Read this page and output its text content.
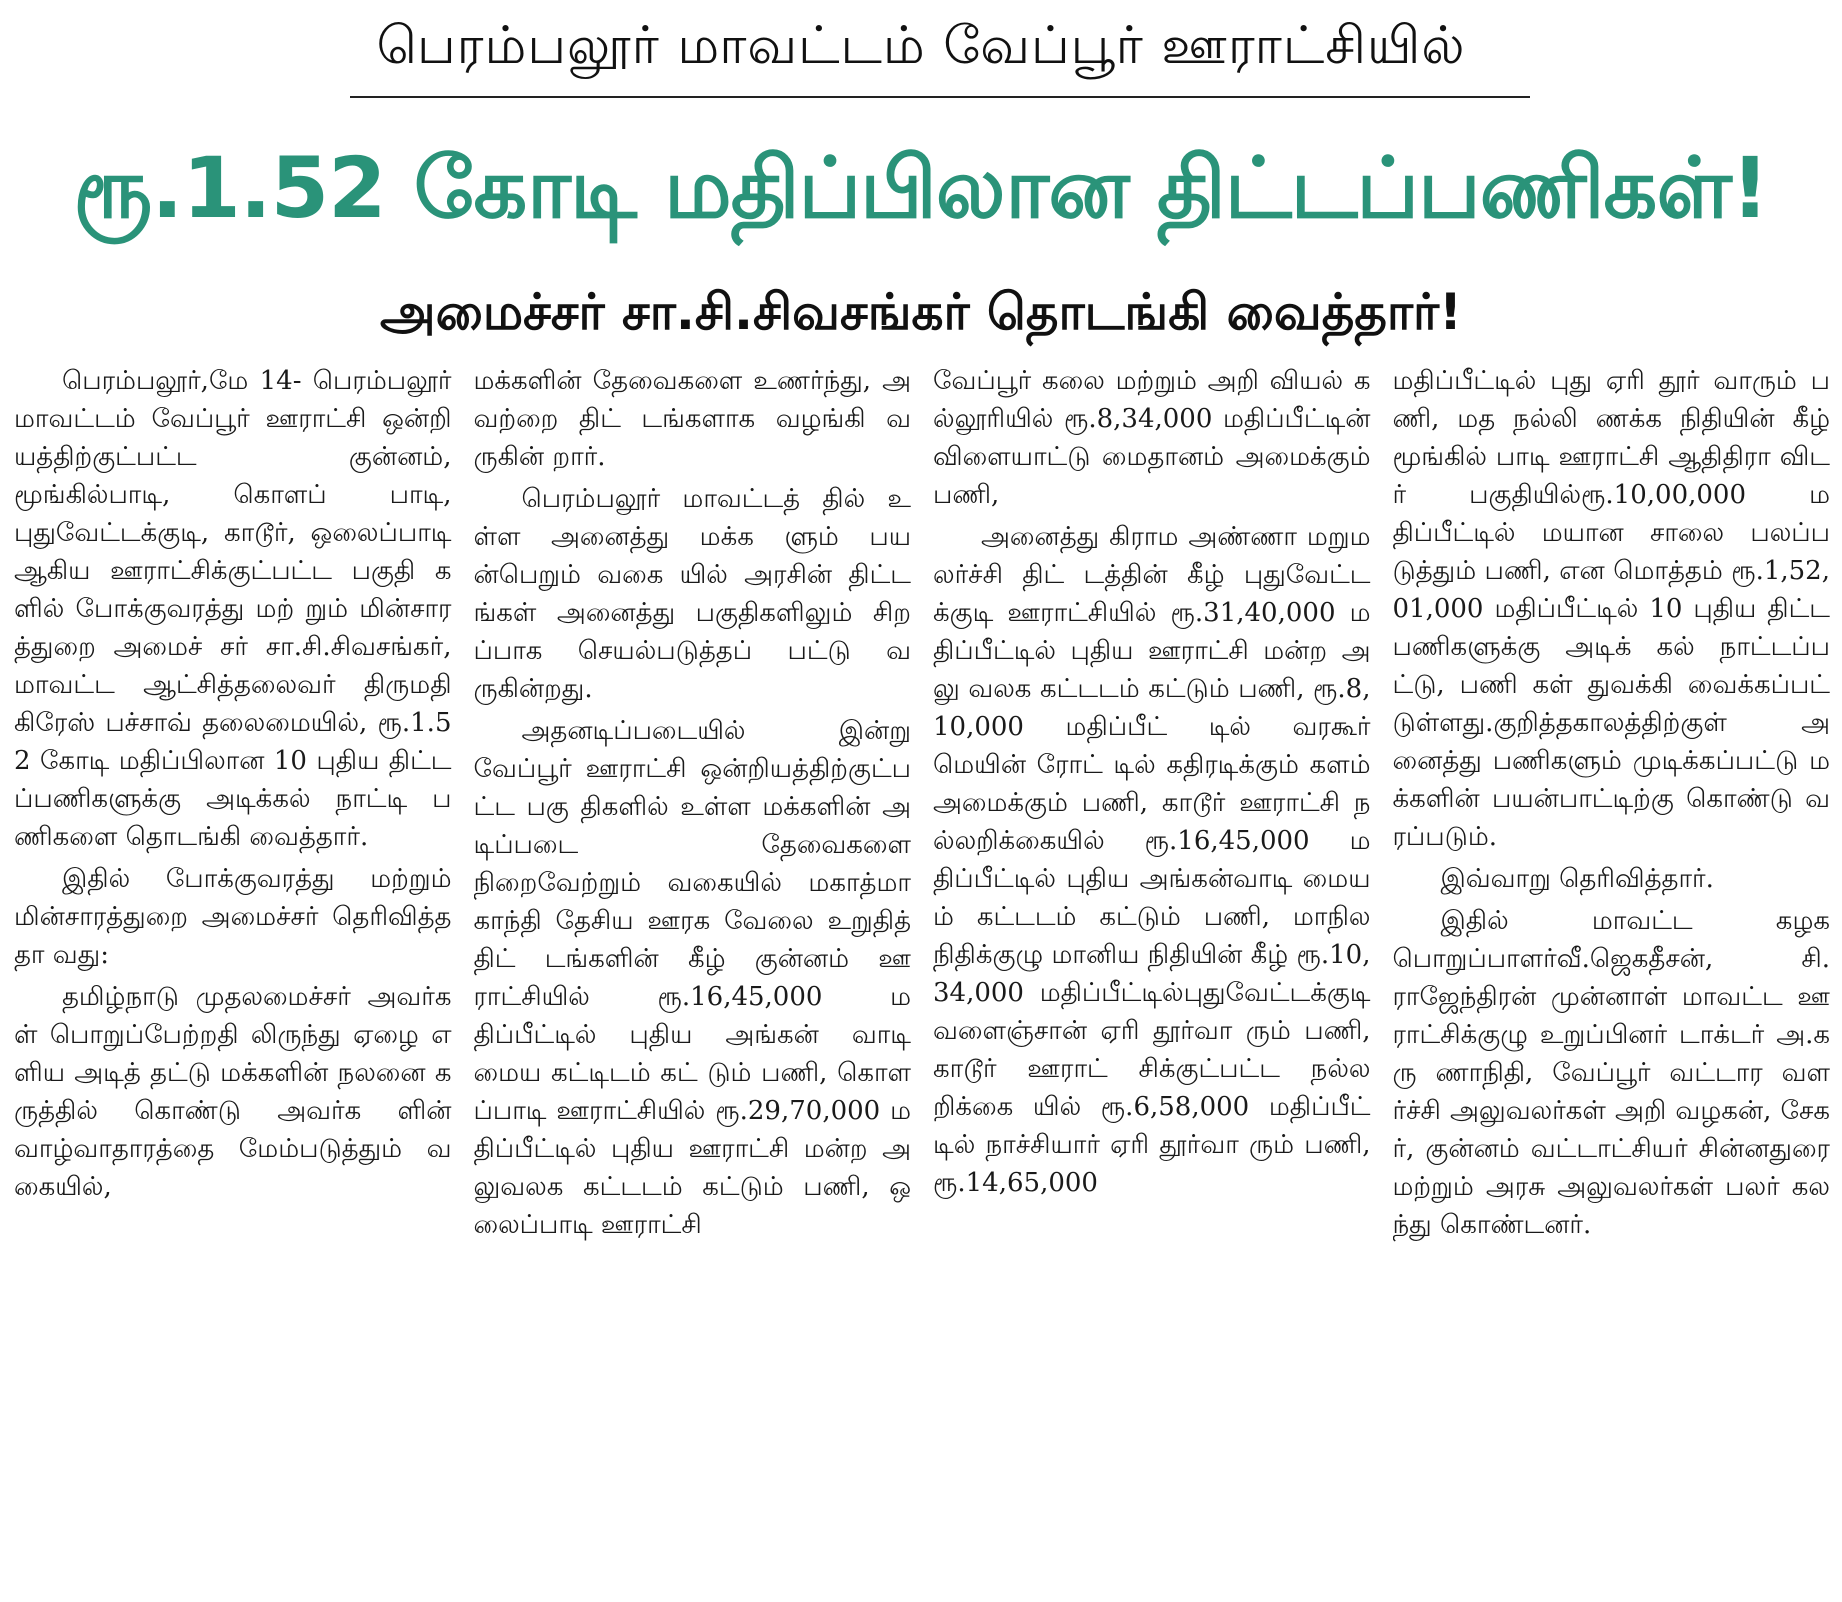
பெரம்பலூர் மாவட்டம் வேப்பூர் ஊராட்சியில்
ரூ.1.52 கோடி மதிப்பிலான திட்டப்பணிகள்!
அமைச்சர் சா.சி.சிவசங்கர் தொடங்கி வைத்தார்!

பெரம்பலூர்,மே 14- பெரம்பலூர் மாவட்டம் வேப்பூர் ஊராட்சி ஒன்றி யத்திற்குட்பட்ட குன்னம், மூங்கில்பாடி, கொளப் பாடி, புதுவேட்டக்குடி, காடூர், ஒலைப்பாடி ஆகிய ஊராட்சிக்குட்பட்ட பகுதி களில் போக்குவரத்து மற் றும் மின்சாரத்துறை அமைச் சர் சா.சி.சிவசங்கர், மாவட்ட ஆட்சித்தலைவர் திருமதி கிரேஸ் பச்சாவ் தலைமையில், ரூ.1.52 கோடி மதிப்பிலான 10 புதிய திட்டப்பணிகளுக்கு அடிக்கல் நாட்டி பணிகளை தொடங்கி வைத்தார்.

இதில் போக்குவரத்து மற்றும் மின்சாரத்துறை அமைச்சர் தெரிவித்ததா வது:

தமிழ்நாடு முதலமைச்சர் அவர்கள் பொறுப்பேற்றதி லிருந்து ஏழை எளிய அடித் தட்டு மக்களின் நலனை கருத்தில் கொண்டு அவர்க ளின் வாழ்வாதாரத்தை மேம்படுத்தும் வகையில்,

மக்களின் தேவைகளை உணர்ந்து, அவற்றை திட் டங்களாக வழங்கி வருகின் றார்.

பெரம்பலூர் மாவட்டத் தில் உள்ள அனைத்து மக்க ளும் பயன்பெறும் வகை யில் அரசின் திட்டங்கள் அனைத்து பகுதிகளிலும் சிறப்பாக செயல்படுத்தப் பட்டு வருகின்றது.

அதனடிப்படையில் இன்று வேப்பூர் ஊராட்சி ஒன்றியத்திற்குட்பட்ட பகு திகளில் உள்ள மக்களின் அடிப்படை தேவைகளை நிறைவேற்றும் வகையில் மகாத்மா காந்தி தேசிய ஊரக வேலை உறுதித் திட் டங்களின் கீழ் குன்னம் ஊராட்சியில் ரூ.16,45,000 மதிப்பீட்டில் புதிய அங்கன் வாடி மைய கட்டிடம் கட் டும் பணி, கொளப்பாடி ஊராட்சியில் ரூ.29,70,000 மதிப்பீட்டில் புதிய ஊராட்சி மன்ற அலுவலக கட்டடம் கட்டும் பணி, ஒலைப்பாடி ஊராட்சி

வேப்பூர் கலை மற்றும் அறி வியல் கல்லூரியில் ரூ.8,34,000 மதிப்பீட்டின் விளையாட்டு மைதானம் அமைக்கும் பணி,

அனைத்து கிராம அண்ணா மறுமலர்ச்சி திட் டத்தின் கீழ் புதுவேட்ட க்குடி ஊராட்சியில் ரூ.31,40,000 மதிப்பீட்டில் புதிய ஊராட்சி மன்ற அலு வலக கட்டடம் கட்டும் பணி, ரூ.8,10,000 மதிப்பீட் டில் வரகூர் மெயின் ரோட் டில் கதிரடிக்கும் களம் அமைக்கும் பணி, காடூர் ஊராட்சி நல்லறிக்கையில் ரூ.16,45,000 மதிப்பீட்டில் புதிய அங்கன்வாடி மையம் கட்டடம் கட்டும் பணி, மாநில நிதிக்குழு மானிய நிதியின் கீழ் ரூ.10,34,000 மதிப்பீட்டில்புதுவேட்டக்குடி வளைஞ்சான் ஏரி தூர்வா ரும் பணி, காடூர் ஊராட் சிக்குட்பட்ட நல்லறிக்கை யில் ரூ.6,58,000 மதிப்பீட் டில் நாச்சியார் ஏரி தூர்வா ரும் பணி, ரூ.14,65,000

மதிப்பீட்டில் புது ஏரி தூர் வாரும் பணி, மத நல்லி ணக்க நிதியின் கீழ் மூங்கில் பாடி ஊராட்சி ஆதிதிரா விடர் பகுதியில்ரூ.10,00,000 மதிப்பீட்டில் மயான சாலை பலப்படுத்தும் பணி, என மொத்தம் ரூ.1,52,01,000 மதிப்பீட்டில் 10 புதிய திட்ட பணிகளுக்கு அடிக் கல் நாட்டப்பட்டு, பணி கள் துவக்கி வைக்கப்பட் டுள்ளது.குறித்தகாலத்திற்குள் அனைத்து பணிகளும் முடிக்கப்பட்டு மக்களின் பயன்பாட்டிற்கு கொண்டு வரப்படும்.

இவ்வாறு தெரிவித்தார்.

இதில் மாவட்ட கழக பொறுப்பாளர்வீ.ஜெகதீசன், சி.ராஜேந்திரன் முன்னாள் மாவட்ட ஊராட்சிக்குழு உறுப்பினர் டாக்டர் அ.கரு ணாநிதி, வேப்பூர் வட்டார வளர்ச்சி அலுவலர்கள் அறி வழகன், சேகர், குன்னம் வட்டாட்சியர் சின்னதுரை மற்றும் அரசு அலுவலர்கள் பலர் கலந்து கொண்டனர்.
